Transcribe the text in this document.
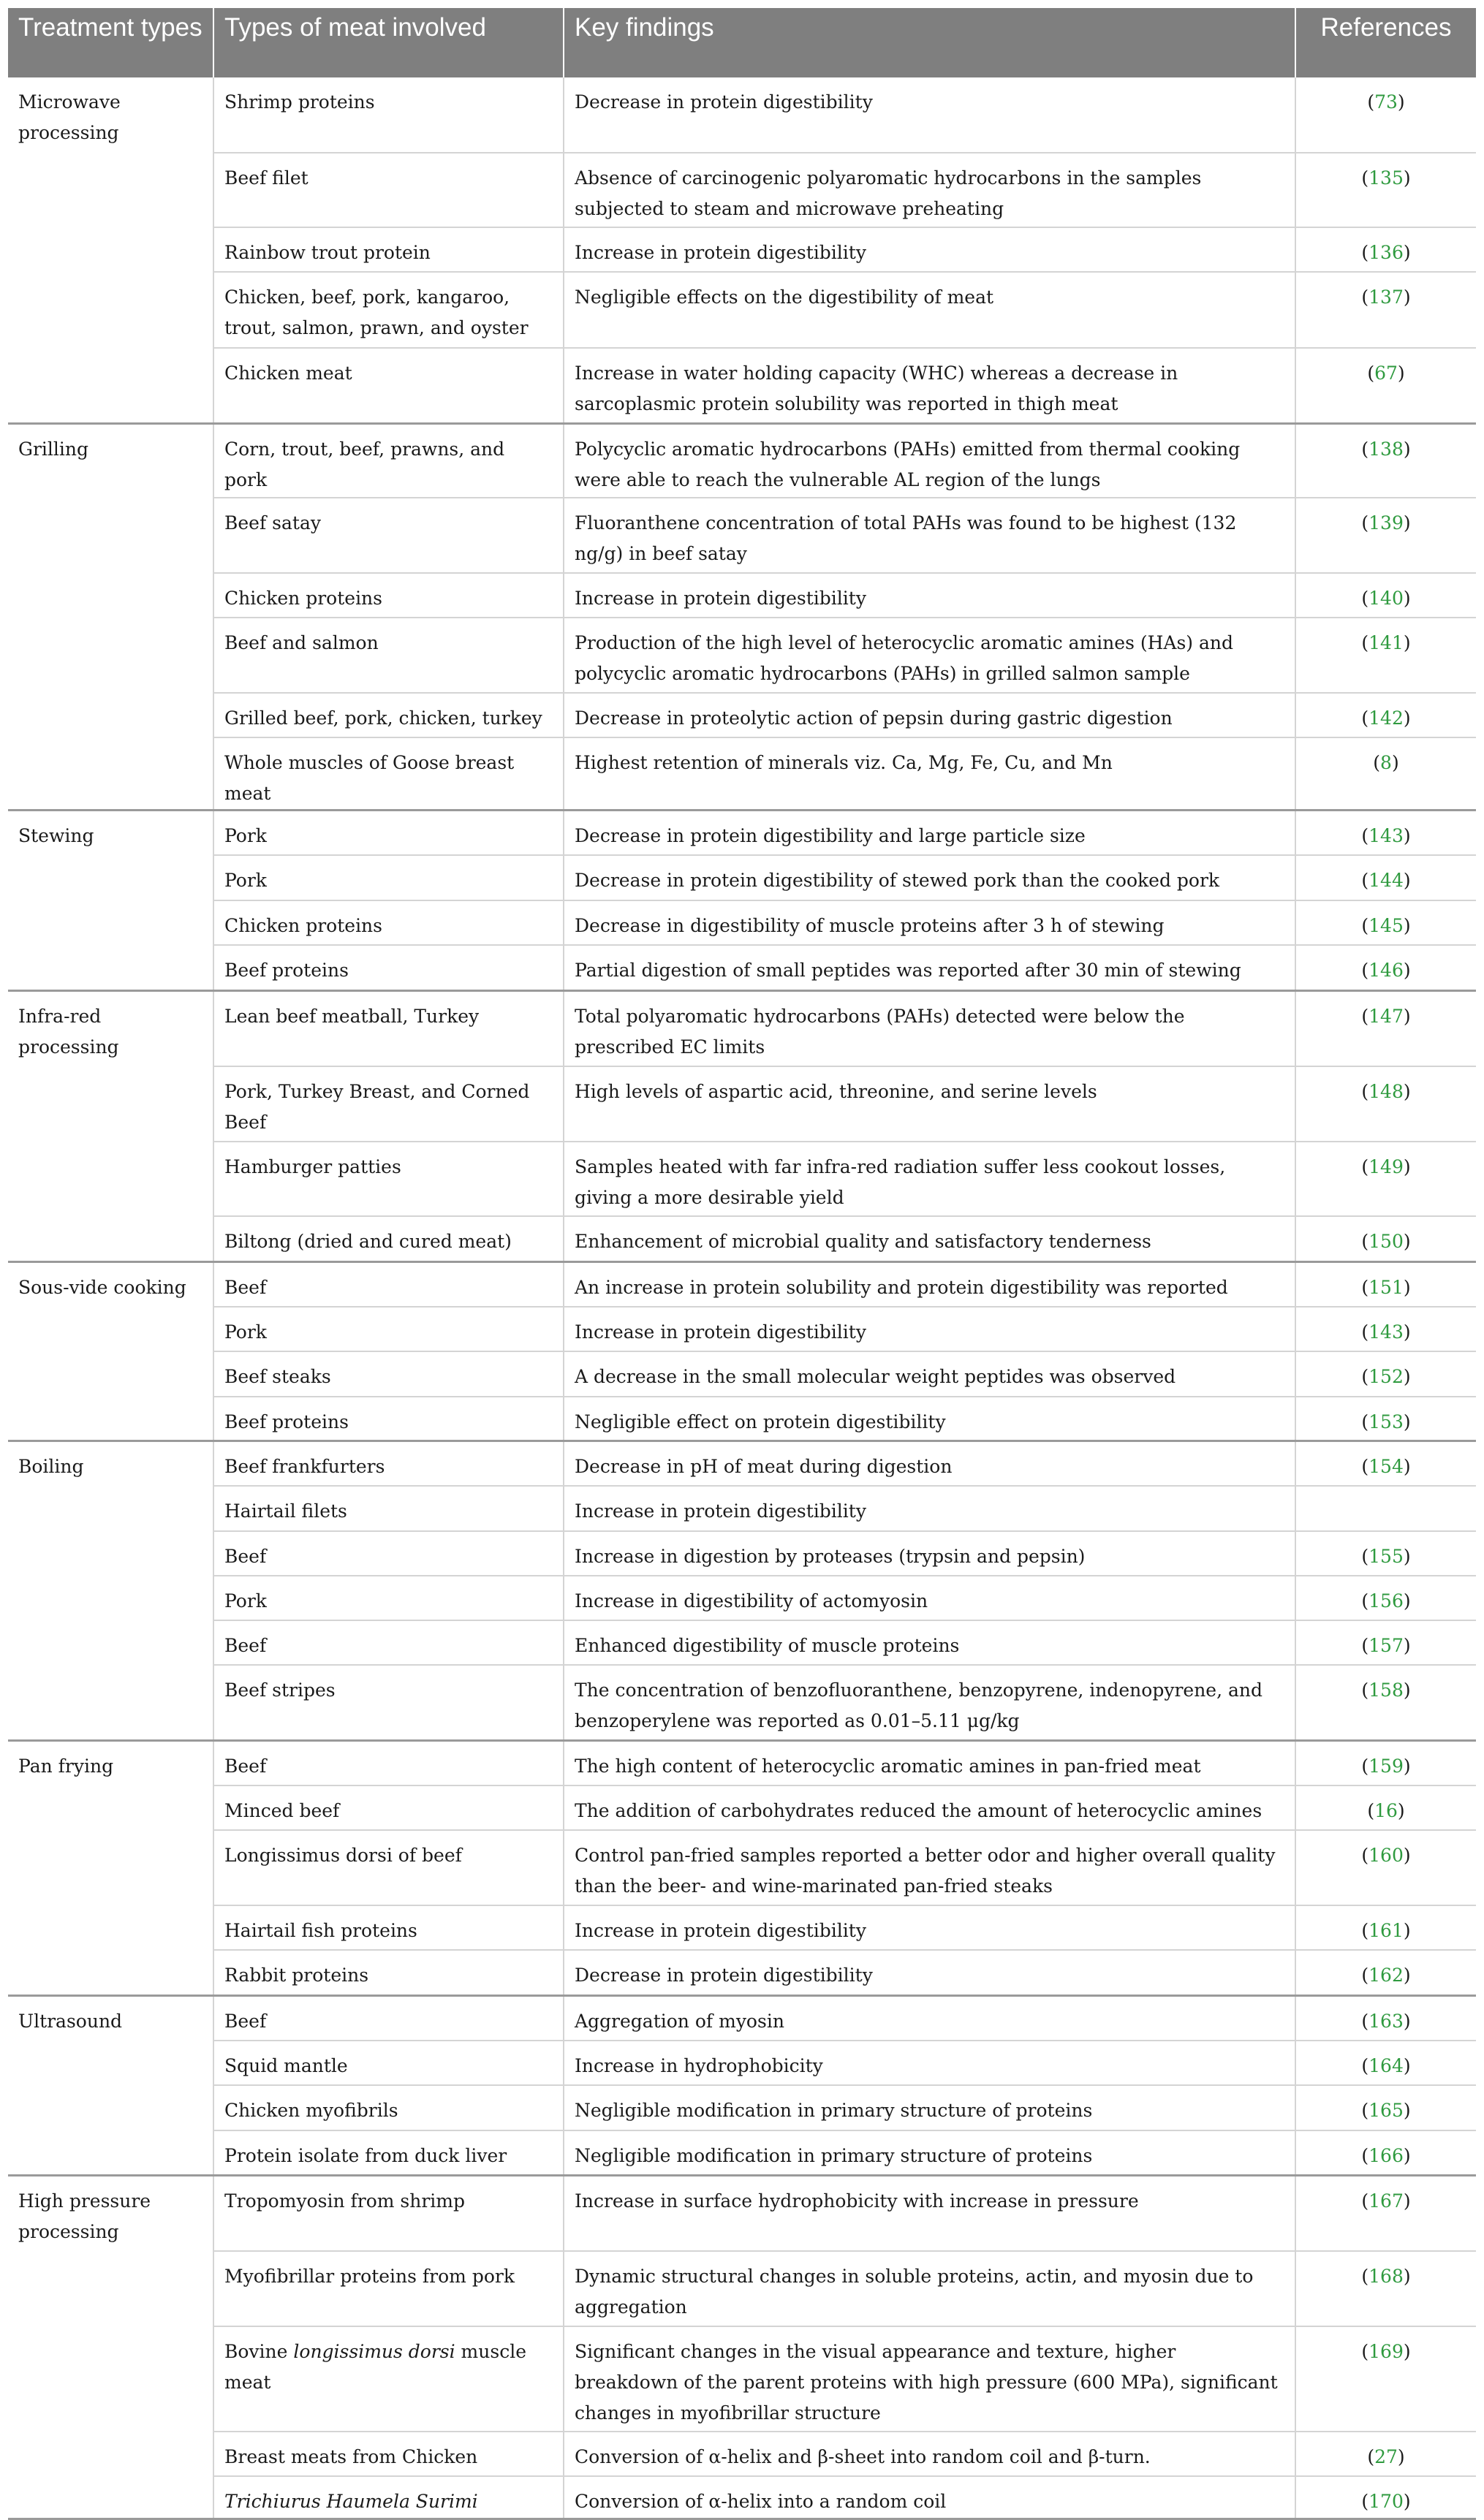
Treatment types	Types of meat involved	Key findings	References
Microwave processing	Shrimp proteins	Decrease in protein digestibility	(73)
	Beef filet	Absence of carcinogenic polyaromatic hydrocarbons in the samples subjected to steam and microwave preheating	(135)
	Rainbow trout protein	Increase in protein digestibility	(136)
	Chicken, beef, pork, kangaroo, trout, salmon, prawn, and oyster	Negligible effects on the digestibility of meat	(137)
	Chicken meat	Increase in water holding capacity (WHC) whereas a decrease in sarcoplasmic protein solubility was reported in thigh meat	(67)
Grilling	Corn, trout, beef, prawns, and pork	Polycyclic aromatic hydrocarbons (PAHs) emitted from thermal cooking were able to reach the vulnerable AL region of the lungs	(138)
	Beef satay	Fluoranthene concentration of total PAHs was found to be highest (132 ng/g) in beef satay	(139)
	Chicken proteins	Increase in protein digestibility	(140)
	Beef and salmon	Production of the high level of heterocyclic aromatic amines (HAs) and polycyclic aromatic hydrocarbons (PAHs) in grilled salmon sample	(141)
	Grilled beef, pork, chicken, turkey	Decrease in proteolytic action of pepsin during gastric digestion	(142)
	Whole muscles of Goose breast meat	Highest retention of minerals viz. Ca, Mg, Fe, Cu, and Mn	(8)
Stewing	Pork	Decrease in protein digestibility and large particle size	(143)
	Pork	Decrease in protein digestibility of stewed pork than the cooked pork	(144)
	Chicken proteins	Decrease in digestibility of muscle proteins after 3 h of stewing	(145)
	Beef proteins	Partial digestion of small peptides was reported after 30 min of stewing	(146)
Infra-red processing	Lean beef meatball, Turkey	Total polyaromatic hydrocarbons (PAHs) detected were below the prescribed EC limits	(147)
	Pork, Turkey Breast, and Corned Beef	High levels of aspartic acid, threonine, and serine levels	(148)
	Hamburger patties	Samples heated with far infra-red radiation suffer less cookout losses, giving a more desirable yield	(149)
	Biltong (dried and cured meat)	Enhancement of microbial quality and satisfactory tenderness	(150)
Sous-vide cooking	Beef	An increase in protein solubility and protein digestibility was reported	(151)
	Pork	Increase in protein digestibility	(143)
	Beef steaks	A decrease in the small molecular weight peptides was observed	(152)
	Beef proteins	Negligible effect on protein digestibility	(153)
Boiling	Beef frankfurters	Decrease in pH of meat during digestion	(154)
	Hairtail filets	Increase in protein digestibility	
	Beef	Increase in digestion by proteases (trypsin and pepsin)	(155)
	Pork	Increase in digestibility of actomyosin	(156)
	Beef	Enhanced digestibility of muscle proteins	(157)
	Beef stripes	The concentration of benzofluoranthene, benzopyrene, indenopyrene, and benzoperylene was reported as 0.01–5.11 μg/kg	(158)
Pan frying	Beef	The high content of heterocyclic aromatic amines in pan-fried meat	(159)
	Minced beef	The addition of carbohydrates reduced the amount of heterocyclic amines	(16)
	Longissimus dorsi of beef	Control pan-fried samples reported a better odor and higher overall quality than the beer- and wine-marinated pan-fried steaks	(160)
	Hairtail fish proteins	Increase in protein digestibility	(161)
	Rabbit proteins	Decrease in protein digestibility	(162)
Ultrasound	Beef	Aggregation of myosin	(163)
	Squid mantle	Increase in hydrophobicity	(164)
	Chicken myofibrils	Negligible modification in primary structure of proteins	(165)
	Protein isolate from duck liver	Negligible modification in primary structure of proteins	(166)
High pressure processing	Tropomyosin from shrimp	Increase in surface hydrophobicity with increase in pressure	(167)
	Myofibrillar proteins from pork	Dynamic structural changes in soluble proteins, actin, and myosin due to aggregation	(168)
	Bovine longissimus dorsi muscle meat	Significant changes in the visual appearance and texture, higher breakdown of the parent proteins with high pressure (600 MPa), significant changes in myofibrillar structure	(169)
	Breast meats from Chicken	Conversion of α-helix and β-sheet into random coil and β-turn.	(27)
	Trichiurus Haumela Surimi	Conversion of α-helix into a random coil	(170)
